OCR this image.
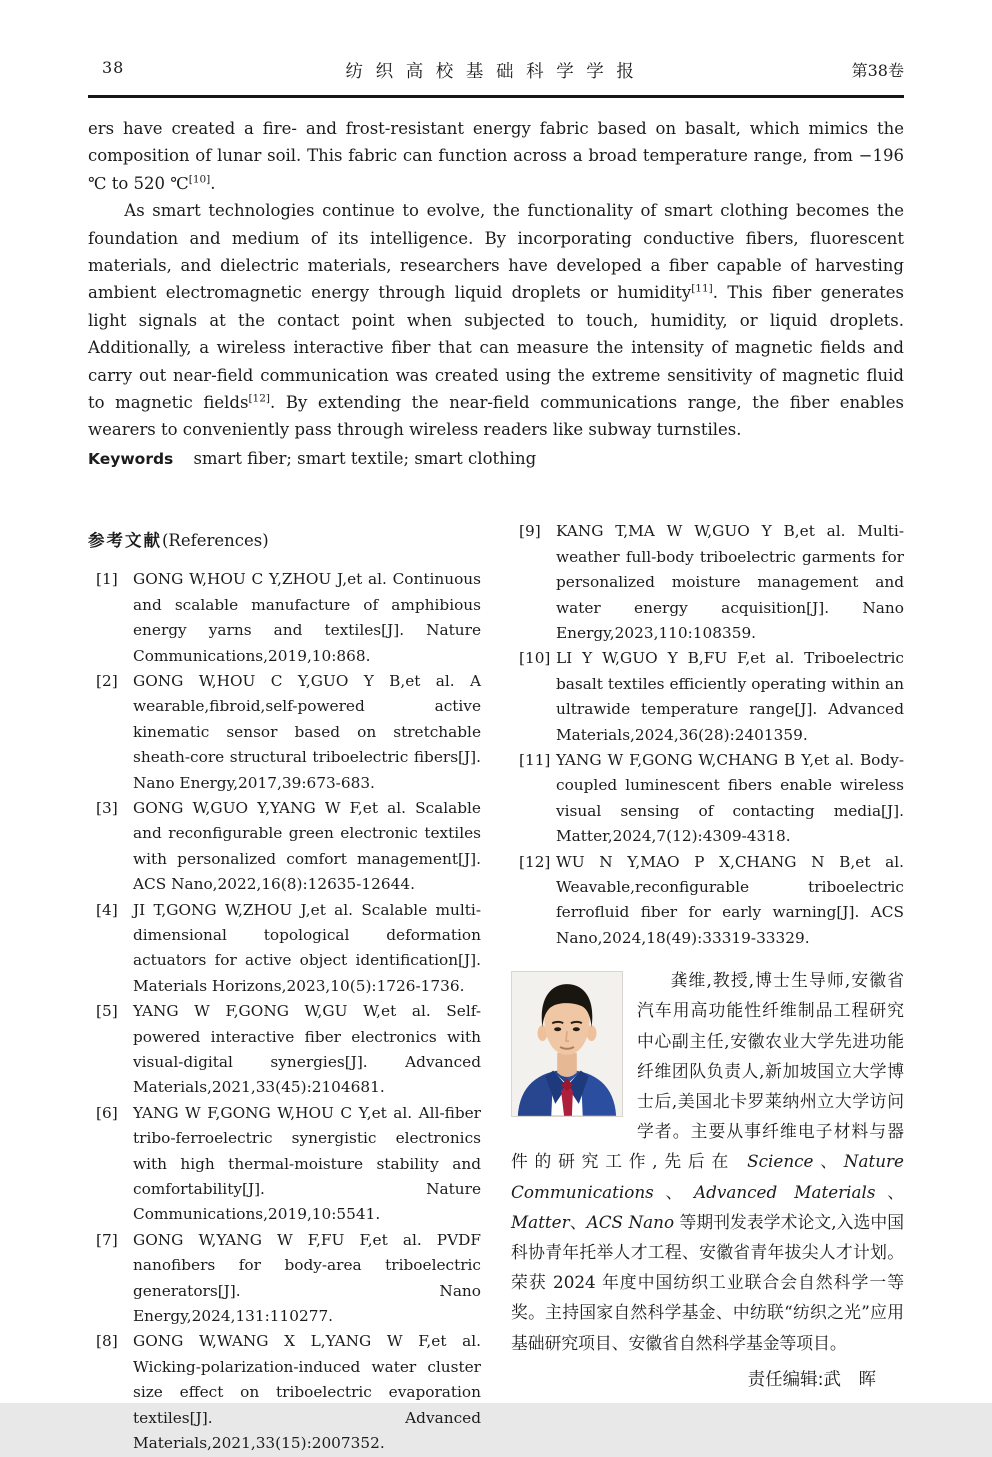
38	纺织高校基础科学学报	第38卷

ers have created a fire- and frost-resistant energy fabric based on basalt, which mimics the composition of lunar soil. This fabric can function across a broad temperature range, from −196 ℃ to 520 ℃[10].

As smart technologies continue to evolve, the functionality of smart clothing becomes the foundation and medium of its intelligence. By incorporating conductive fibers, fluorescent materials, and dielectric materials, researchers have developed a fiber capable of harvesting ambient electromagnetic energy through liquid droplets or humidity[11]. This fiber generates light signals at the contact point when subjected to touch, humidity, or liquid droplets. Additionally, a wireless interactive fiber that can measure the intensity of magnetic fields and carry out near-field communication was created using the extreme sensitivity of magnetic fluid to magnetic fields[12]. By extending the near-field communications range, the fiber enables wearers to conveniently pass through wireless readers like subway turnstiles.

Keywords smart fiber; smart textile; smart clothing

参考文献(References)
[1] GONG W,HOU C Y,ZHOU J,et al. Continuous and scalable manufacture of amphibious energy yarns and textiles[J]. Nature Communications,2019,10:868.
[2] GONG W,HOU C Y,GUO Y B,et al. A wearable,fibroid,self-powered active kinematic sensor based on stretchable sheath-core structural triboelectric fibers[J]. Nano Energy,2017,39:673-683.
[3] GONG W,GUO Y,YANG W F,et al. Scalable and reconfigurable green electronic textiles with personalized comfort management[J]. ACS Nano,2022,16(8):12635-12644.
[4] JI T,GONG W,ZHOU J,et al. Scalable multi-dimensional topological deformation actuators for active object identification[J]. Materials Horizons,2023,10(5):1726-1736.
[5] YANG W F,GONG W,GU W,et al. Self-powered interactive fiber electronics with visual-digital synergies[J]. Advanced Materials,2021,33(45):2104681.
[6] YANG W F,GONG W,HOU C Y,et al. All-fiber tribo-ferroelectric synergistic electronics with high thermal-moisture stability and comfortability[J]. Nature Communications,2019,10:5541.
[7] GONG W,YANG W F,FU F,et al. PVDF nanofibers for body-area triboelectric generators[J]. Nano Energy,2024,131:110277.
[8] GONG W,WANG X L,YANG W F,et al. Wicking-polarization-induced water cluster size effect on triboelectric evaporation textiles[J]. Advanced Materials,2021,33(15):2007352.
[9] KANG T,MA W W,GUO Y B,et al. Multi-weather full-body triboelectric garments for personalized moisture management and water energy acquisition[J]. Nano Energy,2023,110:108359.
[10] LI Y W,GUO Y B,FU F,et al. Triboelectric basalt textiles efficiently operating within an ultrawide temperature range[J]. Advanced Materials,2024,36(28):2401359.
[11] YANG W F,GONG W,CHANG B Y,et al. Body-coupled luminescent fibers enable wireless visual sensing of contacting media[J]. Matter,2024,7(12):4309-4318.
[12] WU N Y,MAO P X,CHANG N B,et al. Weavable,reconfigurable triboelectric ferrofluid fiber for early warning[J]. ACS Nano,2024,18(49):33319-33329.

龚维,教授,博士生导师,安徽省汽车用高功能性纤维制品工程研究中心副主任,安徽农业大学先进功能纤维团队负责人,新加坡国立大学博士后,美国北卡罗莱纳州立大学访问学者。主要从事纤维电子材料与器件的研究工作,先后在 Science、Nature Communications、Advanced Materials、Matter、ACS Nano 等期刊发表学术论文,入选中国科协青年托举人才工程、安徽省青年拔尖人才计划。荣获 2024 年度中国纺织工业联合会自然科学一等奖。主持国家自然科学基金、中纺联“纺织之光”应用基础研究项目、安徽省自然科学基金等项目。

责任编辑:武　晖
